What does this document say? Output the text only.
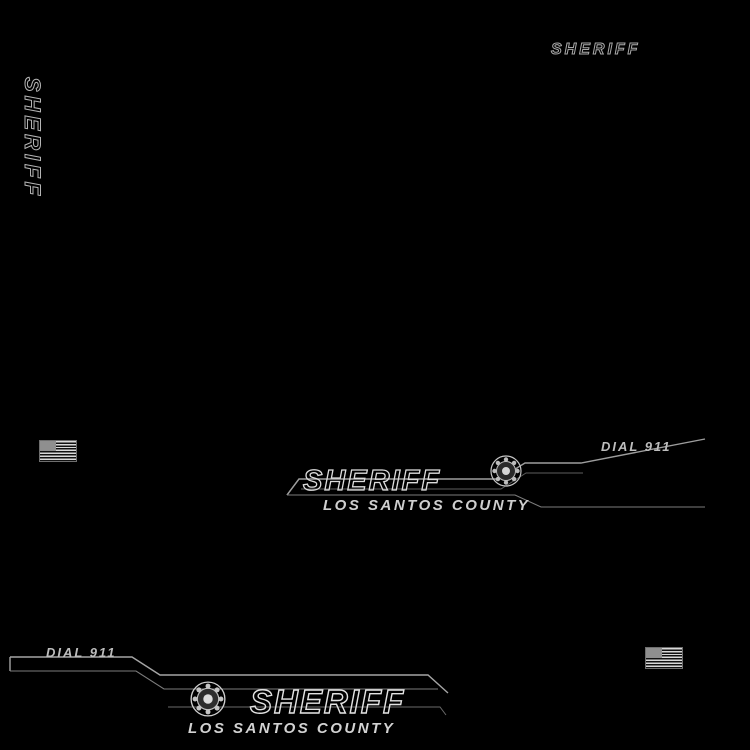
SHERIFF
SHERIFF
SHERIFF
LOS SANTOS COUNTY
DIAL 911
SHERIFF
LOS SANTOS COUNTY
DIAL 911
